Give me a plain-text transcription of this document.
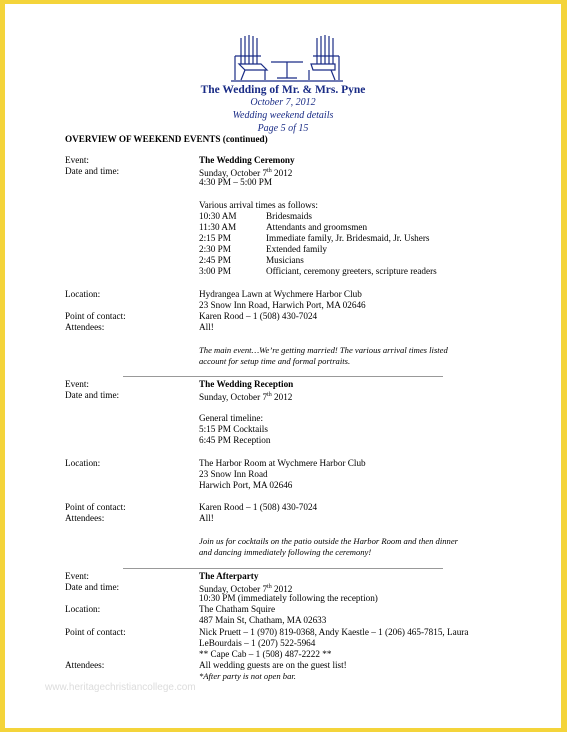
The Wedding of Mr. & Mrs. Pyne
October 7, 2012
Wedding weekend details
Page 5 of 15
OVERVIEW OF WEEKEND EVENTS (continued)
Event:	The Wedding Ceremony
Date and time:	Sunday, October 7th 2012
4:30 PM – 5:00 PM
Various arrival times as follows:
10:30 AM	Bridesmaids
11:30 AM	Attendants and groomsmen
2:15 PM	Immediate family, Jr. Bridesmaid, Jr. Ushers
2:30 PM	Extended family
2:45 PM	Musicians
3:00 PM	Officiant, ceremony greeters, scripture readers
Location:	Hydrangea Lawn at Wychmere Harbor Club
23 Snow Inn Road, Harwich Port, MA 02646
Point of contact:	Karen Rood – 1 (508) 430-7024
Attendees:	All!
The main event…We’re getting married! The various arrival times listed
account for setup time and formal portraits.
Event:	The Wedding Reception
Date and time:	Sunday, October 7th 2012
General timeline:
5:15 PM Cocktails
6:45 PM Reception
Location:	The Harbor Room at Wychmere Harbor Club
23 Snow Inn Road
Harwich Port, MA 02646
Point of contact:	Karen Rood – 1 (508) 430-7024
Attendees:	All!
Join us for cocktails on the patio outside the Harbor Room and then dinner
and dancing immediately following the ceremony!
Event:	The Afterparty
Date and time:	Sunday, October 7th 2012
10:30 PM (immediately following the reception)
Location:	The Chatham Squire
487 Main St, Chatham, MA 02633
Point of contact:	Nick Pruett – 1 (970) 819-0368, Andy Kaestle – 1 (206) 465-7815, Laura
LeBourdais – 1 (207) 522-5964
** Cape Cab – 1 (508) 487-2222 **
Attendees:	All wedding guests are on the guest list!
*After party is not open bar.
www.heritagechristiancollege.com
